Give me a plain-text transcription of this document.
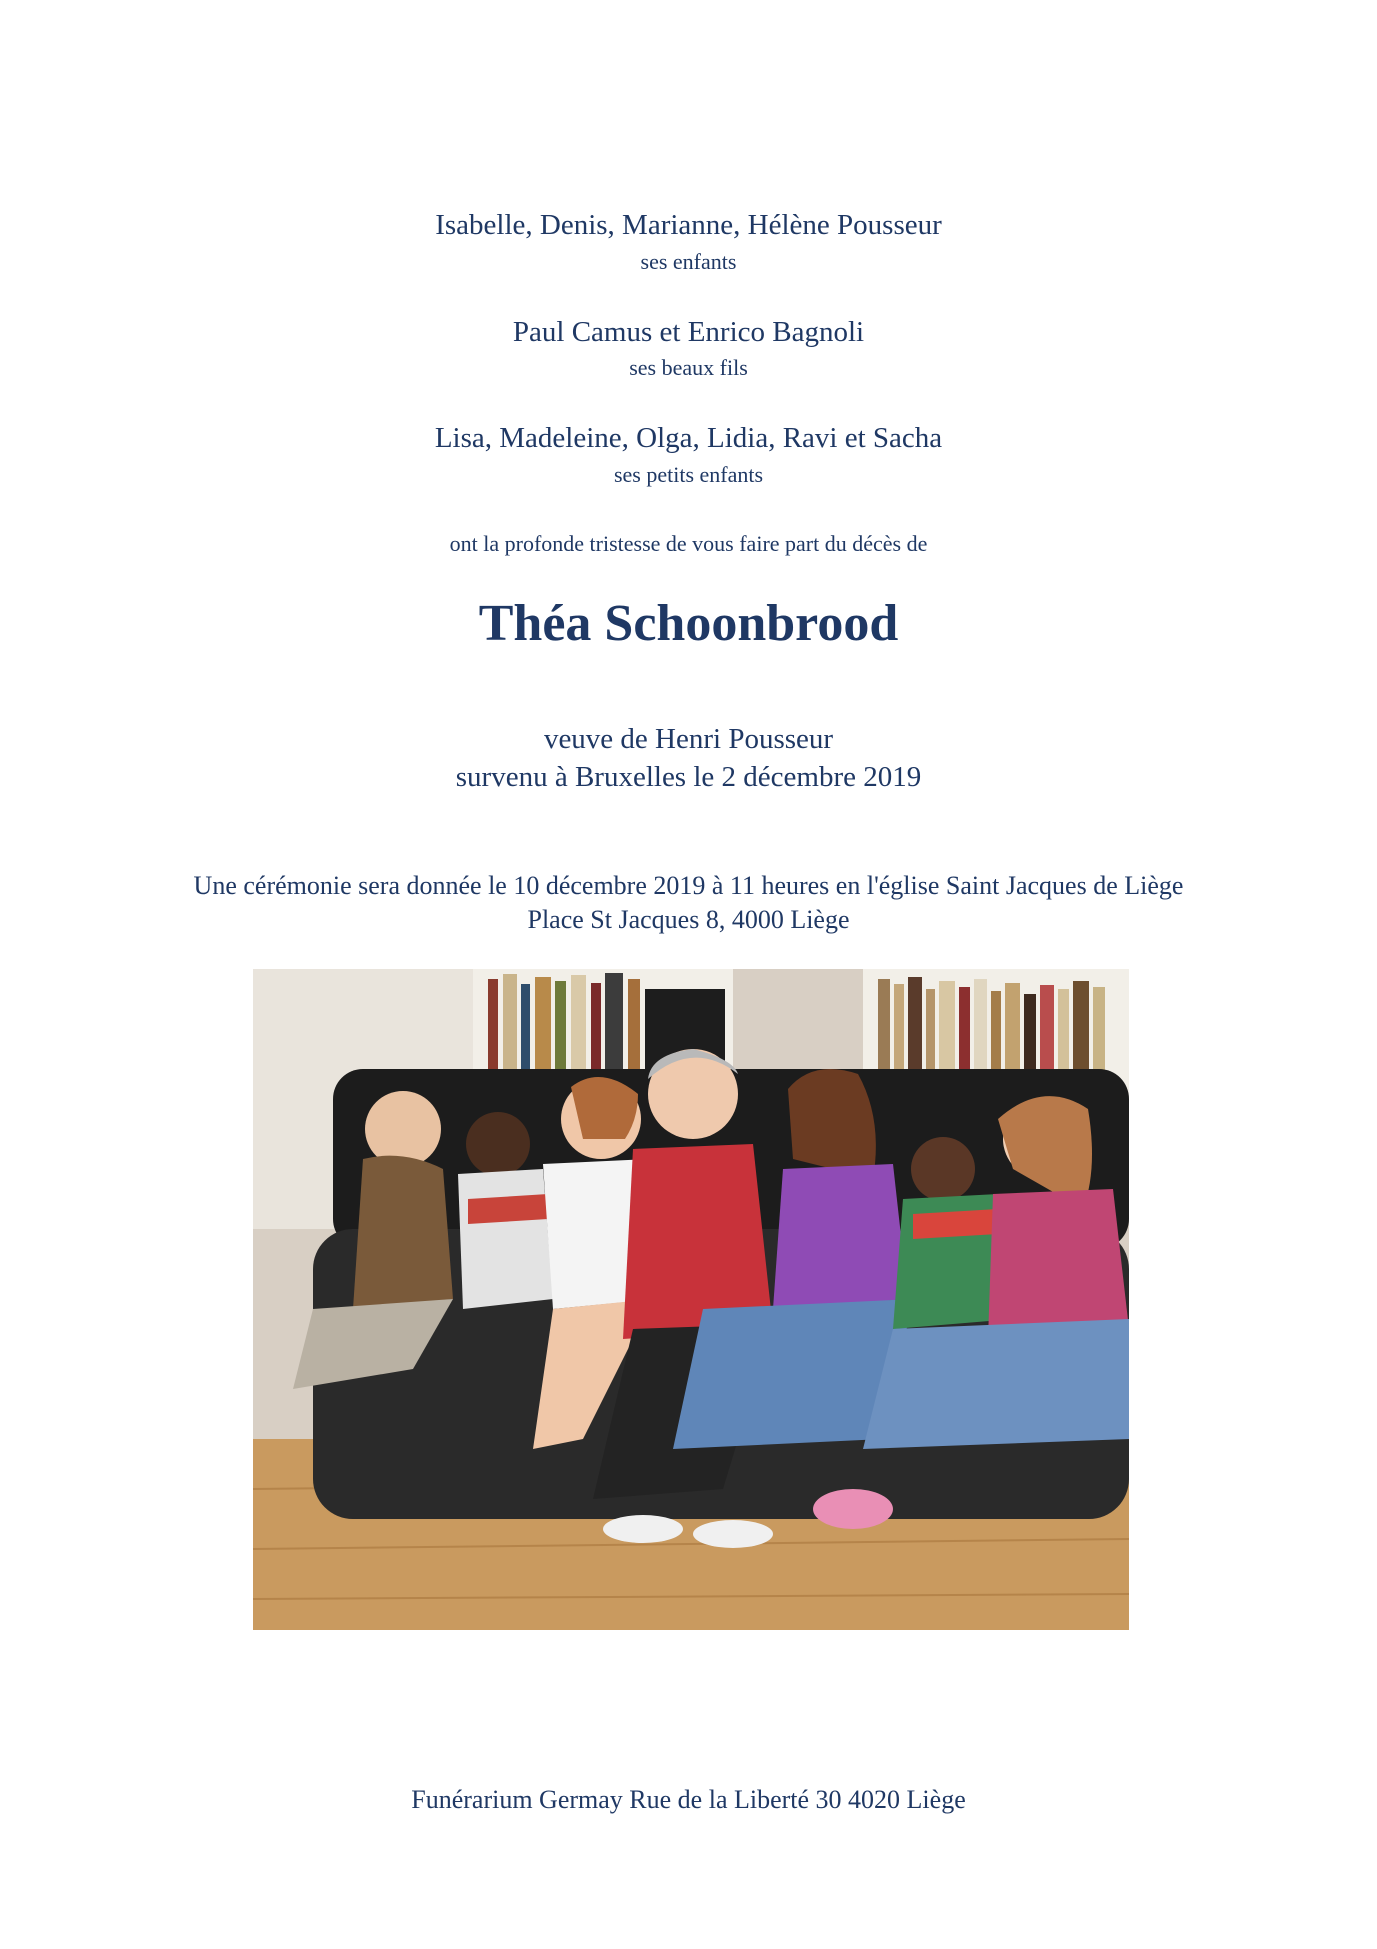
Isabelle, Denis, Marianne, Hélène Pousseur

ses enfants

Paul Camus et Enrico Bagnoli

ses beaux fils

Lisa, Madeleine, Olga, Lidia, Ravi et Sacha

ses petits enfants

ont la profonde tristesse de vous faire part du décès de

Théa Schoonbrood

veuve de Henri Pousseur

survenu à Bruxelles le 2 décembre 2019

Une cérémonie sera donnée le 10 décembre 2019 à 11 heures en l'église Saint Jacques de Liège

Place St Jacques 8, 4000 Liège

Funérarium Germay Rue de la Liberté 30 4020 Liège
